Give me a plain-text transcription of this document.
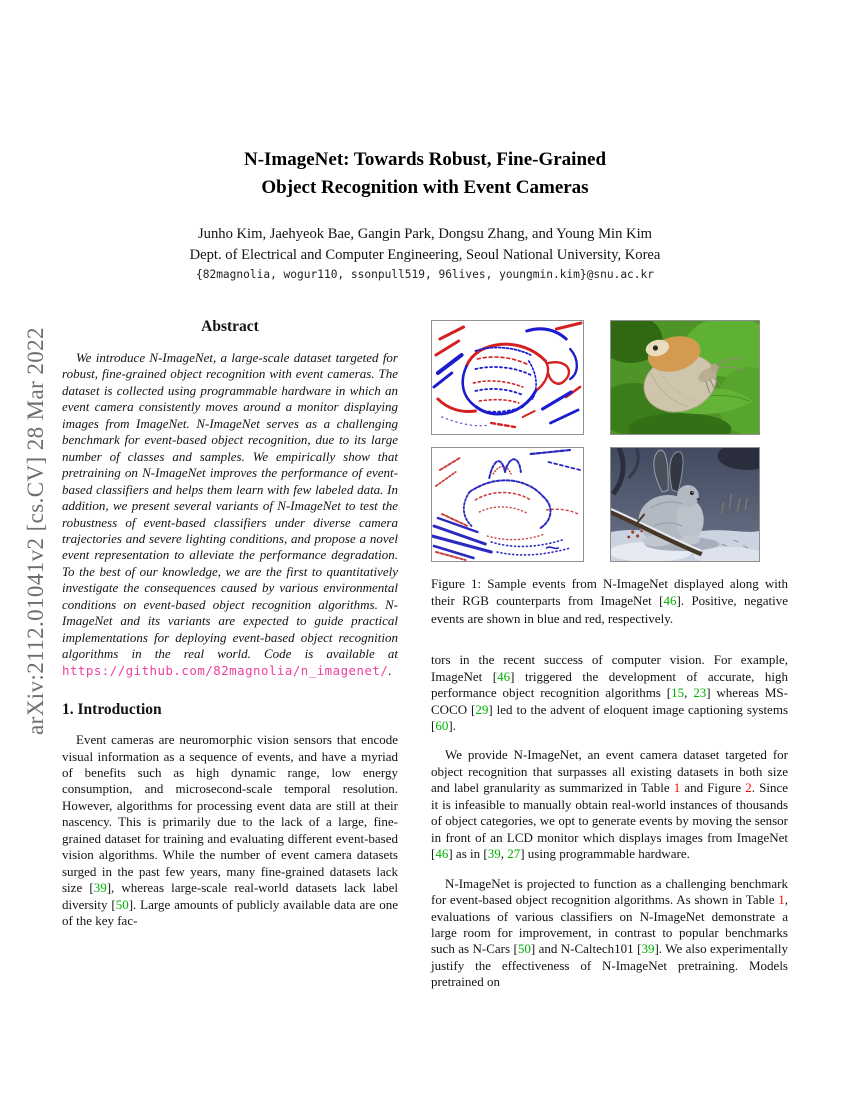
arXiv:2112.01041v2 [cs.CV] 28 Mar 2022
N-ImageNet: Towards Robust, Fine-Grained
Object Recognition with Event Cameras
Junho Kim, Jaehyeok Bae, Gangin Park, Dongsu Zhang, and Young Min Kim
Dept. of Electrical and Computer Engineering, Seoul National University, Korea
{82magnolia, wogur110, ssonpull519, 96lives, youngmin.kim}@snu.ac.kr
Abstract

We introduce N-ImageNet, a large-scale dataset targeted for robust, fine-grained object recognition with event cameras. The dataset is collected using programmable hardware in which an event camera consistently moves around a monitor displaying images from ImageNet. N-ImageNet serves as a challenging benchmark for event-based object recognition, due to its large number of classes and samples. We empirically show that pretraining on N-ImageNet improves the performance of event-based classifiers and helps them learn with few labeled data. In addition, we present several variants of N-ImageNet to test the robustness of event-based classifiers under diverse camera trajectories and severe lighting conditions, and propose a novel event representation to alleviate the performance degradation. To the best of our knowledge, we are the first to quantitatively investigate the consequences caused by various environmental conditions on event-based object recognition algorithms. N-ImageNet and its variants are expected to guide practical implementations for deploying event-based object recognition algorithms in the real world. Code is available at https://github.com/82magnolia/n_imagenet/.

1. Introduction

Event cameras are neuromorphic vision sensors that encode visual information as a sequence of events, and have a myriad of benefits such as high dynamic range, low energy consumption, and microsecond-scale temporal resolution. However, algorithms for processing event data are still at their nascency. This is primarily due to the lack of a large, fine-grained dataset for training and evaluating different event-based vision algorithms. While the number of event camera datasets surged in the past few years, many fine-grained datasets lack size [39], whereas large-scale real-world datasets lack label diversity [50]. Large amounts of publicly available data are one of the key fac-

Figure 1: Sample events from N-ImageNet displayed along with their RGB counterparts from ImageNet [46]. Positive, negative events are shown in blue and red, respectively.

tors in the recent success of computer vision. For example, ImageNet [46] triggered the development of accurate, high performance object recognition algorithms [15, 23] whereas MS-COCO [29] led to the advent of eloquent image captioning systems [60].

We provide N-ImageNet, an event camera dataset targeted for object recognition that surpasses all existing datasets in both size and label granularity as summarized in Table 1 and Figure 2. Since it is infeasible to manually obtain real-world instances of thousands of object categories, we opt to generate events by moving the sensor in front of an LCD monitor which displays images from ImageNet [46] as in [39, 27] using programmable hardware.

N-ImageNet is projected to function as a challenging benchmark for event-based object recognition algorithms. As shown in Table 1, evaluations of various classifiers on N-ImageNet demonstrate a large room for improvement, in contrast to popular benchmarks such as N-Cars [50] and N-Caltech101 [39]. We also experimentally justify the effectiveness of N-ImageNet pretraining. Models pretrained on
